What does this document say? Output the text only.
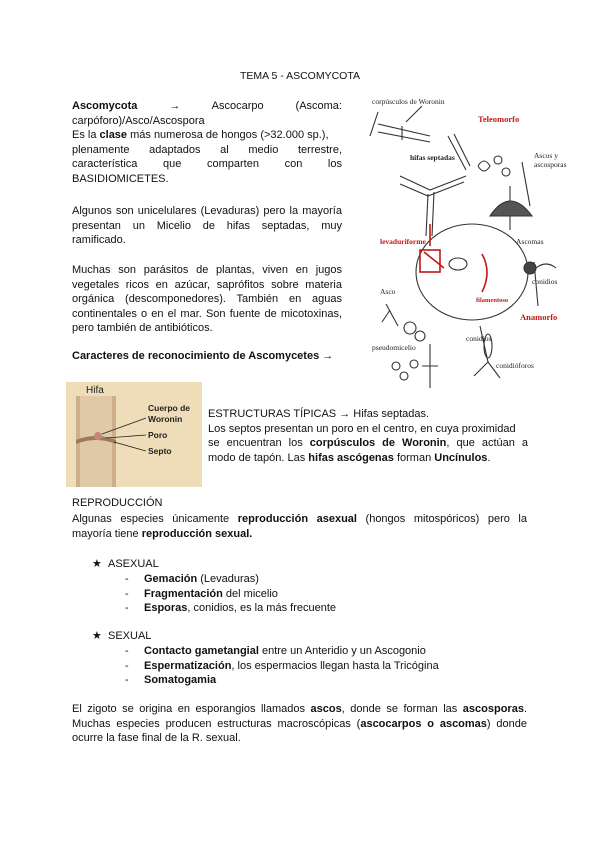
TEMA 5 - ASCOMYCOTA
Ascomycota	→	Ascocarpo	(Ascoma:
carpóforo)/Asco/Ascospora
Es la clase más numerosa de hongos (>32.000 sp.),
plenamente adaptados al medio terrestre,
característica que comparten con los
BASIDIOMICETES.
Algunos son unicelulares (Levaduras) pero la mayoría
presentan un Micelio de hifas septadas, muy
ramificado.
Muchas son parásitos de plantas, viven en jugos
vegetales ricos en azúcar, saprófitos sobre materia
orgánica (descomponedores). También en aguas
continentales o en el mar. Son fuente de micotoxinas,
pero también de antibióticos.
Caracteres de reconocimiento de Ascomycetes →
corpúsculos de Woronin
Teleomorfo
hifas septadas	Ascos y
ascosporas
Asco
Ascomas
levaduriforme
conidios
filamentoso
Anamorfo
pseudomicelio
conidios
conidióforos
Hifa
Cuerpo de
Woronin
Poro
Septo
ESTRUCTURAS TÍPICAS → Hifas septadas.
Los septos presentan un poro en el centro, en cuya proximidad
se encuentran los corpúsculos de Woronin, que actúan a
modo de tapón. Las hifas ascógenas forman Uncínulos.
REPRODUCCIÓN
Algunas especies únicamente reproducción asexual (hongos mitospóricos) pero la
mayoría tiene reproducción sexual.
★ ASEXUAL
- Gemación (Levaduras)
- Fragmentación del micelio
- Esporas, conidios, es la más frecuente
★ SEXUAL
- Contacto gametangial entre un Anteridio y un Ascogonio
- Espermatización, los espermacios llegan hasta la Tricógina
- Somatogamia
El zigoto se origina en esporangios llamados ascos, donde se forman las ascosporas.
Muchas especies producen estructuras macroscópicas (ascocarpos o ascomas) donde
ocurre la fase final de la R. sexual.
